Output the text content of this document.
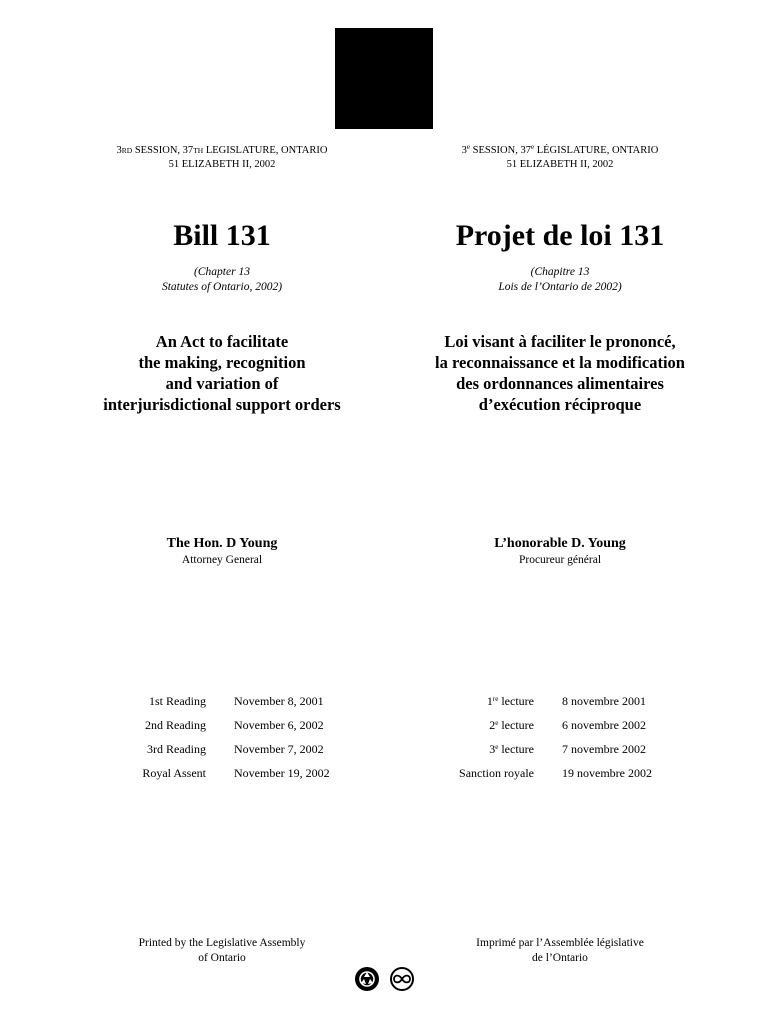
3RD SESSION, 37TH LEGISLATURE, ONTARIO
51 ELIZABETH II, 2002
3e SESSION, 37e LÉGISLATURE, ONTARIO
51 ELIZABETH II, 2002
Bill 131	Projet de loi 131
(Chapter 13
Statutes of Ontario, 2002)
(Chapitre 13
Lois de l’Ontario de 2002)
An Act to facilitate
the making, recognition
and variation of
interjurisdictional support orders
Loi visant à faciliter le prononcé,
la reconnaissance et la modification
des ordonnances alimentaires
d’exécution réciproque
The Hon. D Young
Attorney General
L’honorable D. Young
Procureur général
1st Reading November 8, 2001
2nd Reading November 6, 2002
3rd Reading November 7, 2002
Royal Assent November 19, 2002
1re lecture 8 novembre 2001
2e lecture 6 novembre 2002
3e lecture 7 novembre 2002
Sanction royale 19 novembre 2002
Printed by the Legislative Assembly
of Ontario
Imprimé par l’Assemblée législative
de l’Ontario
